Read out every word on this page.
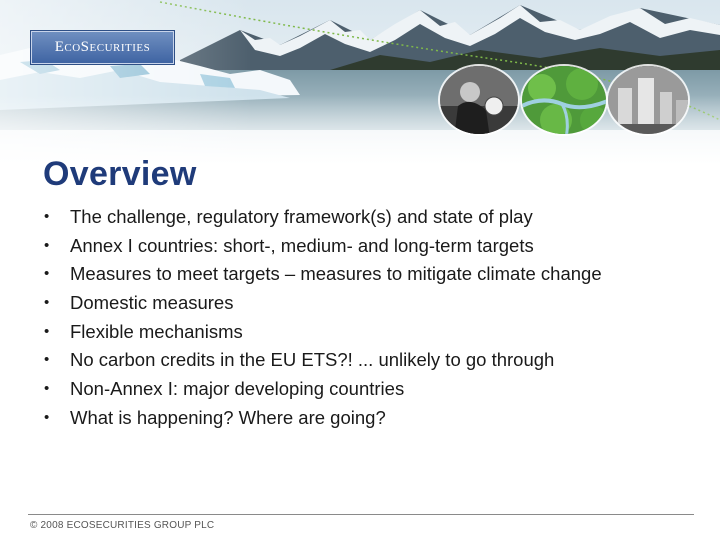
EcoSecurities
Overview
•	The challenge, regulatory framework(s) and state of play
•	Annex I countries: short-, medium- and long-term targets
•	Measures to meet targets – measures to mitigate climate change
•	Domestic measures
•	Flexible mechanisms
•	No carbon credits in the EU ETS?! ... unlikely to go through
•	Non-Annex I: major developing countries
•	What is happening? Where are going?
© 2008 ECOSECURITIES GROUP PLC
